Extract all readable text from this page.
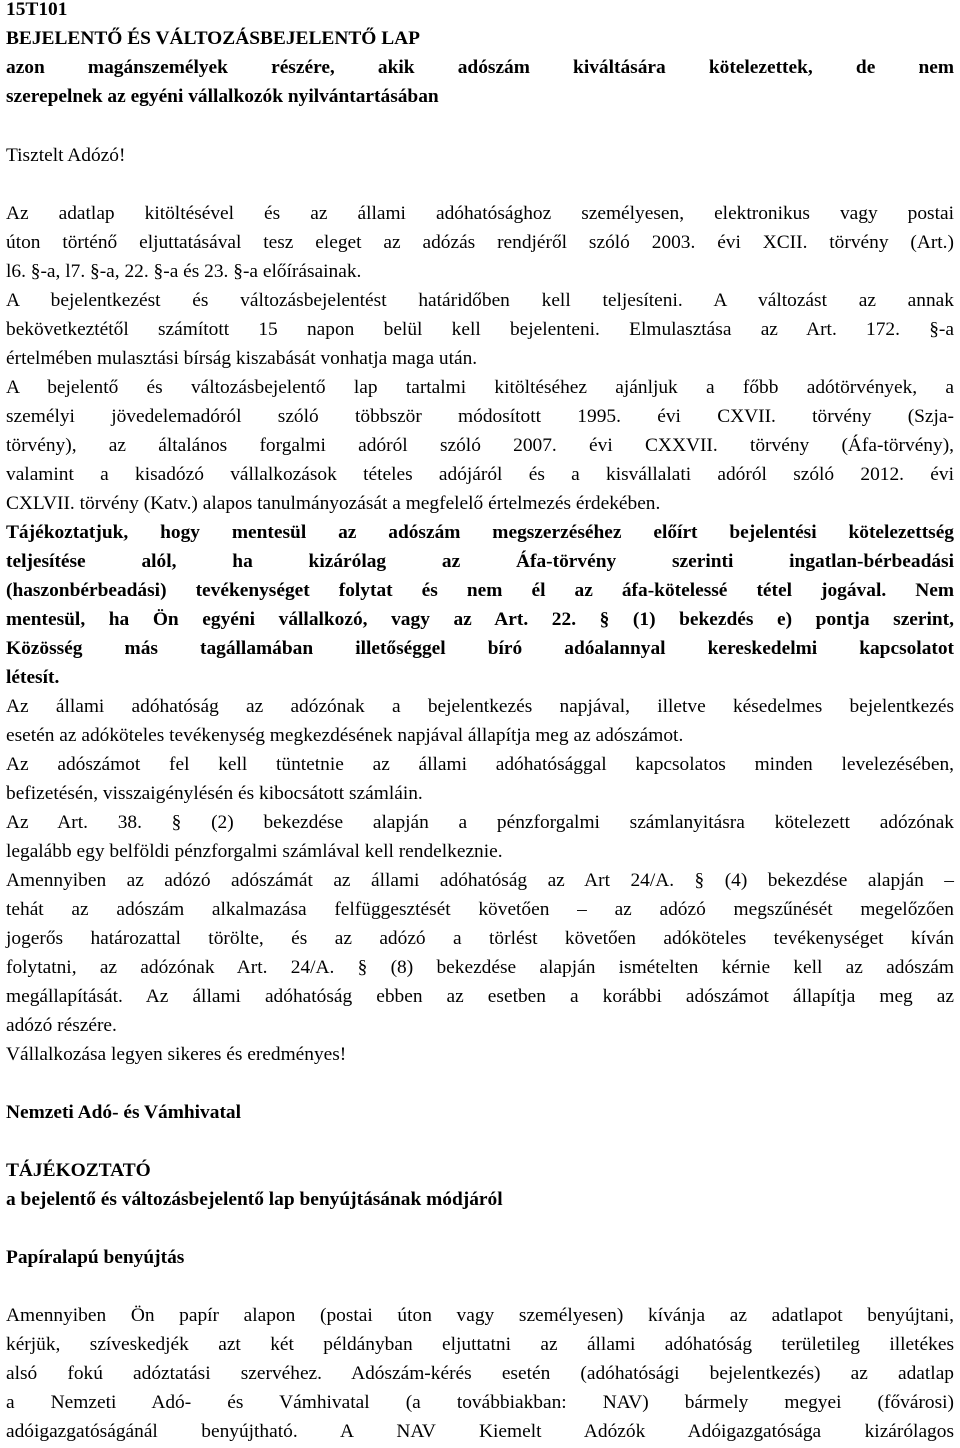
15T101
BEJELENTŐ ÉS VÁLTOZÁSBEJELENTŐ LAP
azon magánszemélyek részére, akik adószám kiváltására kötelezettek, de nem
szerepelnek az egyéni vállalkozók nyilvántartásában
Tisztelt Adózó!
Az adatlap kitöltésével és az állami adóhatósághoz személyesen, elektronikus vagy postai
úton történő eljuttatásával tesz eleget az adózás rendjéről szóló 2003. évi XCII. törvény (Art.)
l6. §-a, l7. §-a, 22. §-a és 23. §-a előírásainak.
A bejelentkezést és változásbejelentést határidőben kell teljesíteni. A változást az annak
bekövetkeztétől számított 15 napon belül kell bejelenteni. Elmulasztása az Art. 172. §-a
értelmében mulasztási bírság kiszabását vonhatja maga után.
A bejelentő és változásbejelentő lap tartalmi kitöltéséhez ajánljuk a főbb adótörvények, a
személyi jövedelemadóról szóló többször módosított 1995. évi CXVII. törvény (Szja-
törvény), az általános forgalmi adóról szóló 2007. évi CXXVII. törvény (Áfa-törvény),
valamint a kisadózó vállalkozások tételes adójáról és a kisvállalati adóról szóló 2012. évi
CXLVII. törvény (Katv.) alapos tanulmányozását a megfelelő értelmezés érdekében.
Tájékoztatjuk, hogy mentesül az adószám megszerzéséhez előírt bejelentési kötelezettség
teljesítése alól, ha kizárólag az Áfa-törvény szerinti ingatlan-bérbeadási
(haszonbérbeadási) tevékenységet folytat és nem él az áfa-kötelessé tétel jogával. Nem
mentesül, ha Ön egyéni vállalkozó, vagy az Art. 22. § (1) bekezdés e) pontja szerint,
Közösség más tagállamában illetőséggel bíró adóalannyal kereskedelmi kapcsolatot
létesít.
Az állami adóhatóság az adózónak a bejelentkezés napjával, illetve késedelmes bejelentkezés
esetén az adóköteles tevékenység megkezdésének napjával állapítja meg az adószámot.
Az adószámot fel kell tüntetnie az állami adóhatósággal kapcsolatos minden levelezésében,
befizetésén, visszaigénylésén és kibocsátott számláin.
Az Art. 38. § (2) bekezdése alapján a pénzforgalmi számlanyitásra kötelezett adózónak
legalább egy belföldi pénzforgalmi számlával kell rendelkeznie.
Amennyiben az adózó adószámát az állami adóhatóság az Art 24/A. § (4) bekezdése alapján –
tehát az adószám alkalmazása felfüggesztését követően – az adózó megszűnését megelőzően
jogerős határozattal törölte, és az adózó a törlést követően adóköteles tevékenységet kíván
folytatni, az adózónak Art. 24/A. § (8) bekezdése alapján ismételten kérnie kell az adószám
megállapítását. Az állami adóhatóság ebben az esetben a korábbi adószámot állapítja meg az
adózó részére.
Vállalkozása legyen sikeres és eredményes!
Nemzeti Adó- és Vámhivatal
TÁJÉKOZTATÓ
a bejelentő és változásbejelentő lap benyújtásának módjáról
Papíralapú benyújtás
Amennyiben Ön papír alapon (postai úton vagy személyesen) kívánja az adatlapot benyújtani,
kérjük, szíveskedjék azt két példányban eljuttatni az állami adóhatóság területileg illetékes
alsó fokú adóztatási szervéhez. Adószám-kérés esetén (adóhatósági bejelentkezés) az adatlap
a Nemzeti Adó- és Vámhivatal (a továbbiakban: NAV) bármely megyei (fővárosi)
adóigazgatóságánál benyújtható. A NAV Kiemelt Adózók Adóigazgatósága kizárólagos
